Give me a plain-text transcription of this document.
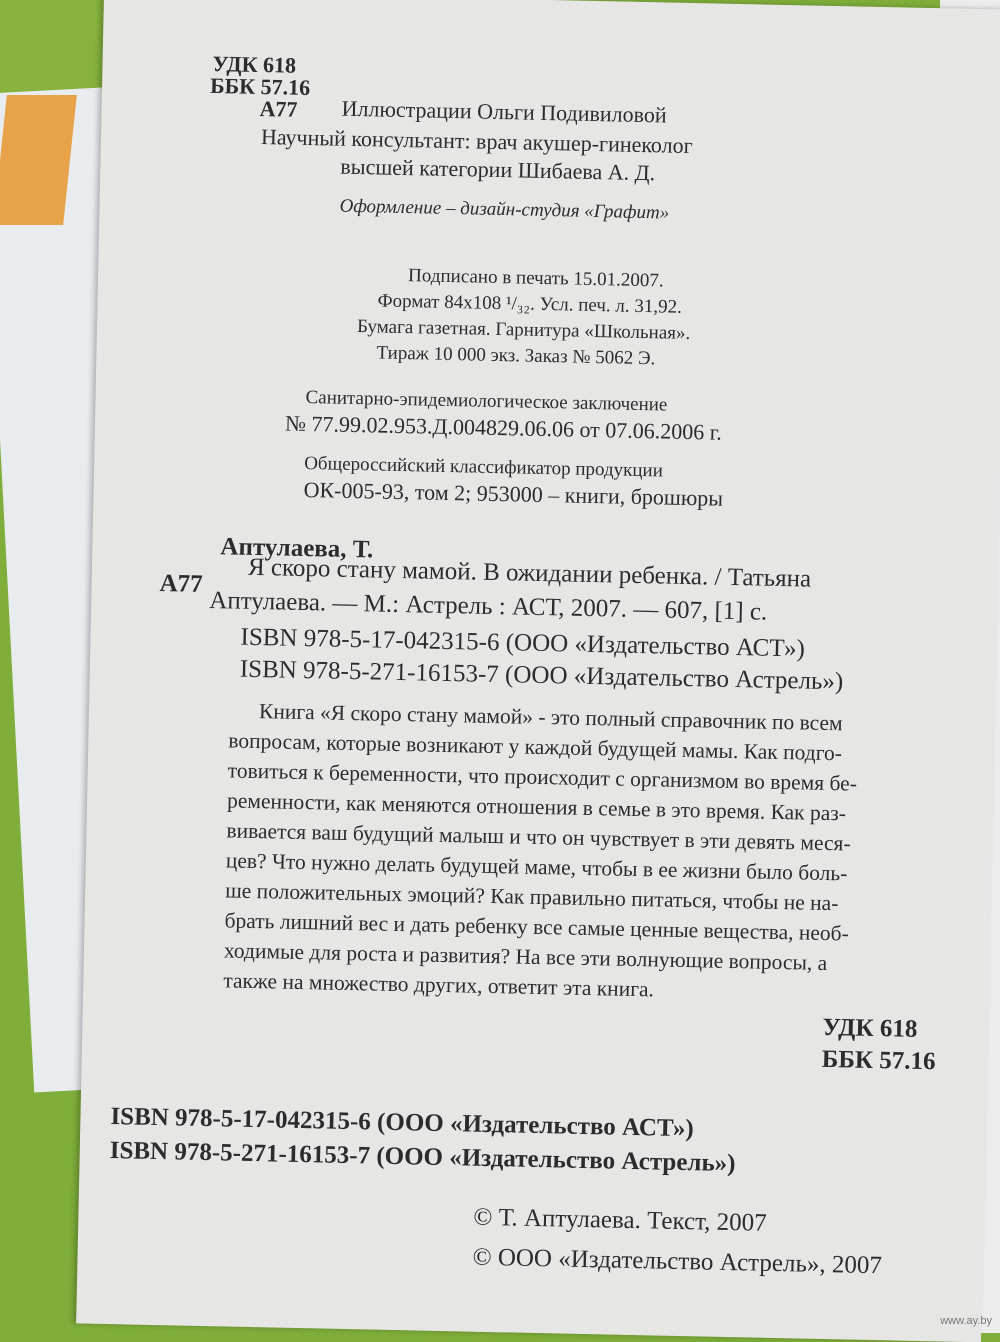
УДК 618
ББК 57.16
А77 Иллюстрации Ольги Подивиловой
Научный консультант: врач акушер-гинеколог
высшей категории Шибаева А. Д.
Оформление – дизайн-студия «Графит»
Подписано в печать 15.01.2007.
Формат 84х108 ¹/₃₂. Усл. печ. л. 31,92.
Бумага газетная. Гарнитура «Школьная».
Тираж 10 000 экз. Заказ № 5062 Э.
Санитарно-эпидемиологическое заключение
№ 77.99.02.953.Д.004829.06.06 от 07.06.2006 г.
Общероссийский классификатор продукции
ОК-005-93, том 2; 953000 – книги, брошюры
Аптулаева, Т.
А77 Я скоро стану мамой. В ожидании ребенка. / Татьяна
Аптулаева. — М.: Астрель : АСТ, 2007. — 607, [1] с.
ISBN 978-5-17-042315-6 (ООО «Издательство АСТ»)
ISBN 978-5-271-16153-7 (ООО «Издательство Астрель»)
Книга «Я скоро стану мамой» - это полный справочник по всем
вопросам, которые возникают у каждой будущей мамы. Как подго-
товиться к беременности, что происходит с организмом во время бе-
ременности, как меняются отношения в семье в это время. Как раз-
вивается ваш будущий малыш и что он чувствует в эти девять меся-
цев? Что нужно делать будущей маме, чтобы в ее жизни было боль-
ше положительных эмоций? Как правильно питаться, чтобы не на-
брать лишний вес и дать ребенку все самые ценные вещества, необ-
ходимые для роста и развития? На все эти волнующие вопросы, а
также на множество других, ответит эта книга.
УДК 618
ББК 57.16
ISBN 978-5-17-042315-6 (ООО «Издательство АСТ»)
ISBN 978-5-271-16153-7 (ООО «Издательство Астрель»)
© Т. Аптулаева. Текст, 2007
© ООО «Издательство Астрель», 2007
www.ay.by
